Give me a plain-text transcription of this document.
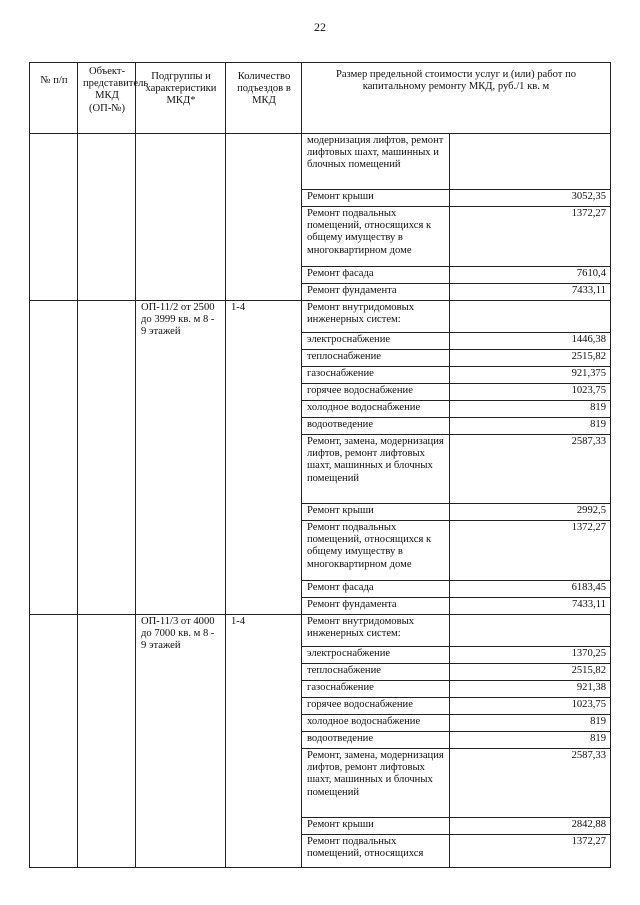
22
№ п/п	Объект-представитель МКД (ОП-№)	Подгруппы и характеристики МКД*	Количество подъездов в МКД	Размер предельной стоимости услуг и (или) работ по капитальному ремонту МКД, руб./1 кв. м	
				модернизация лифтов, ремонт лифтовых шахт, машинных и блочных помещений	
				Ремонт крыши	3052,35
				Ремонт подвальных помещений, относящихся к общему имуществу в многоквартирном доме	1372,27
				Ремонт фасада	7610,4
				Ремонт фундамента	7433,11
		ОП-11/2 от 2500 до 3999 кв. м 8 - 9 этажей	1-4	Ремонт внутридомовых инженерных систем:	
				электроснабжение	1446,38
				теплоснабжение	2515,82
				газоснабжение	921,375
				горячее водоснабжение	1023,75
				холодное водоснабжение	819
				водоотведение	819
				Ремонт, замена, модернизация лифтов, ремонт лифтовых шахт, машинных и блочных помещений	2587,33
				Ремонт крыши	2992,5
				Ремонт подвальных помещений, относящихся к общему имуществу в многоквартирном доме	1372,27
				Ремонт фасада	6183,45
				Ремонт фундамента	7433,11
		ОП-11/3 от 4000 до 7000 кв. м 8 - 9 этажей	1-4	Ремонт внутридомовых инженерных систем:	
				электроснабжение	1370,25
				теплоснабжение	2515,82
				газоснабжение	921,38
				горячее водоснабжение	1023,75
				холодное водоснабжение	819
				водоотведение	819
				Ремонт, замена, модернизация лифтов, ремонт лифтовых шахт, машинных и блочных помещений	2587,33
				Ремонт крыши	2842,88
				Ремонт подвальных помещений, относящихся	1372,27
